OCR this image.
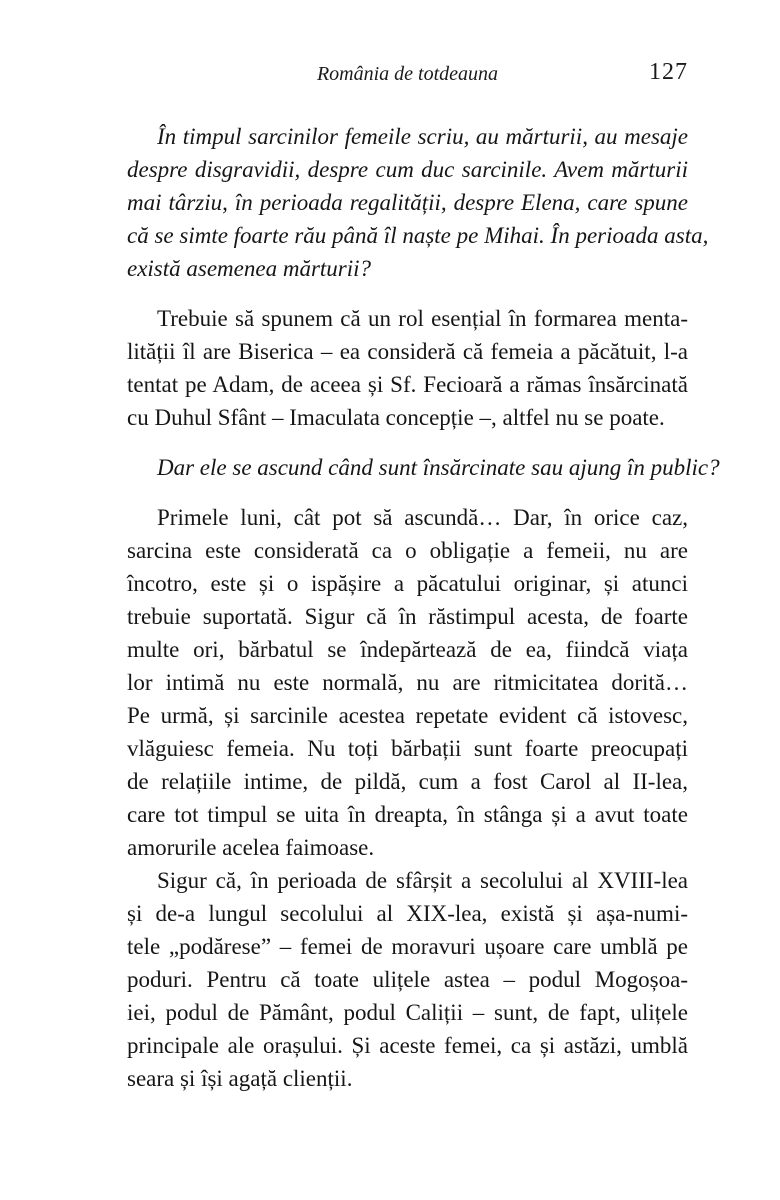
România de totdeauna	127
În timpul sarcinilor femeile scriu, au mărturii, au mesaje
despre disgravidii, despre cum duc sarcinile. Avem mărturii
mai târziu, în perioada regalității, despre Elena, care spune
că se simte foarte rău până îl naște pe Mihai. În perioada asta,
există asemenea mărturii?
Trebuie să spunem că un rol esențial în formarea menta-
lității îl are Biserica – ea consideră că femeia a păcătuit, l-a
tentat pe Adam, de aceea și Sf. Fecioară a rămas însărcinată
cu Duhul Sfânt – Imaculata concepție –, altfel nu se poate.
Dar ele se ascund când sunt însărcinate sau ajung în public?
Primele luni, cât pot să ascundă… Dar, în orice caz,
sarcina este considerată ca o obligație a femeii, nu are
încotro, este și o ispășire a păcatului originar, și atunci
trebuie suportată. Sigur că în răstimpul acesta, de foarte
multe ori, bărbatul se îndepărtează de ea, fiindcă viața
lor intimă nu este normală, nu are ritmicitatea dorită…
Pe urmă, și sarcinile acestea repetate evident că istovesc,
vlăguiesc femeia. Nu toți bărbații sunt foarte preocupați
de relațiile intime, de pildă, cum a fost Carol al II-lea,
care tot timpul se uita în dreapta, în stânga și a avut toate
amorurile acelea faimoase.
Sigur că, în perioada de sfârșit a secolului al XVIII-lea
și de-a lungul secolului al XIX-lea, există și așa-numi-
tele „podărese” – femei de moravuri ușoare care umblă pe
poduri. Pentru că toate ulițele astea – podul Mogoșoa-
iei, podul de Pământ, podul Caliții – sunt, de fapt, ulițele
principale ale orașului. Și aceste femei, ca și astăzi, umblă
seara și își agață clienții.
